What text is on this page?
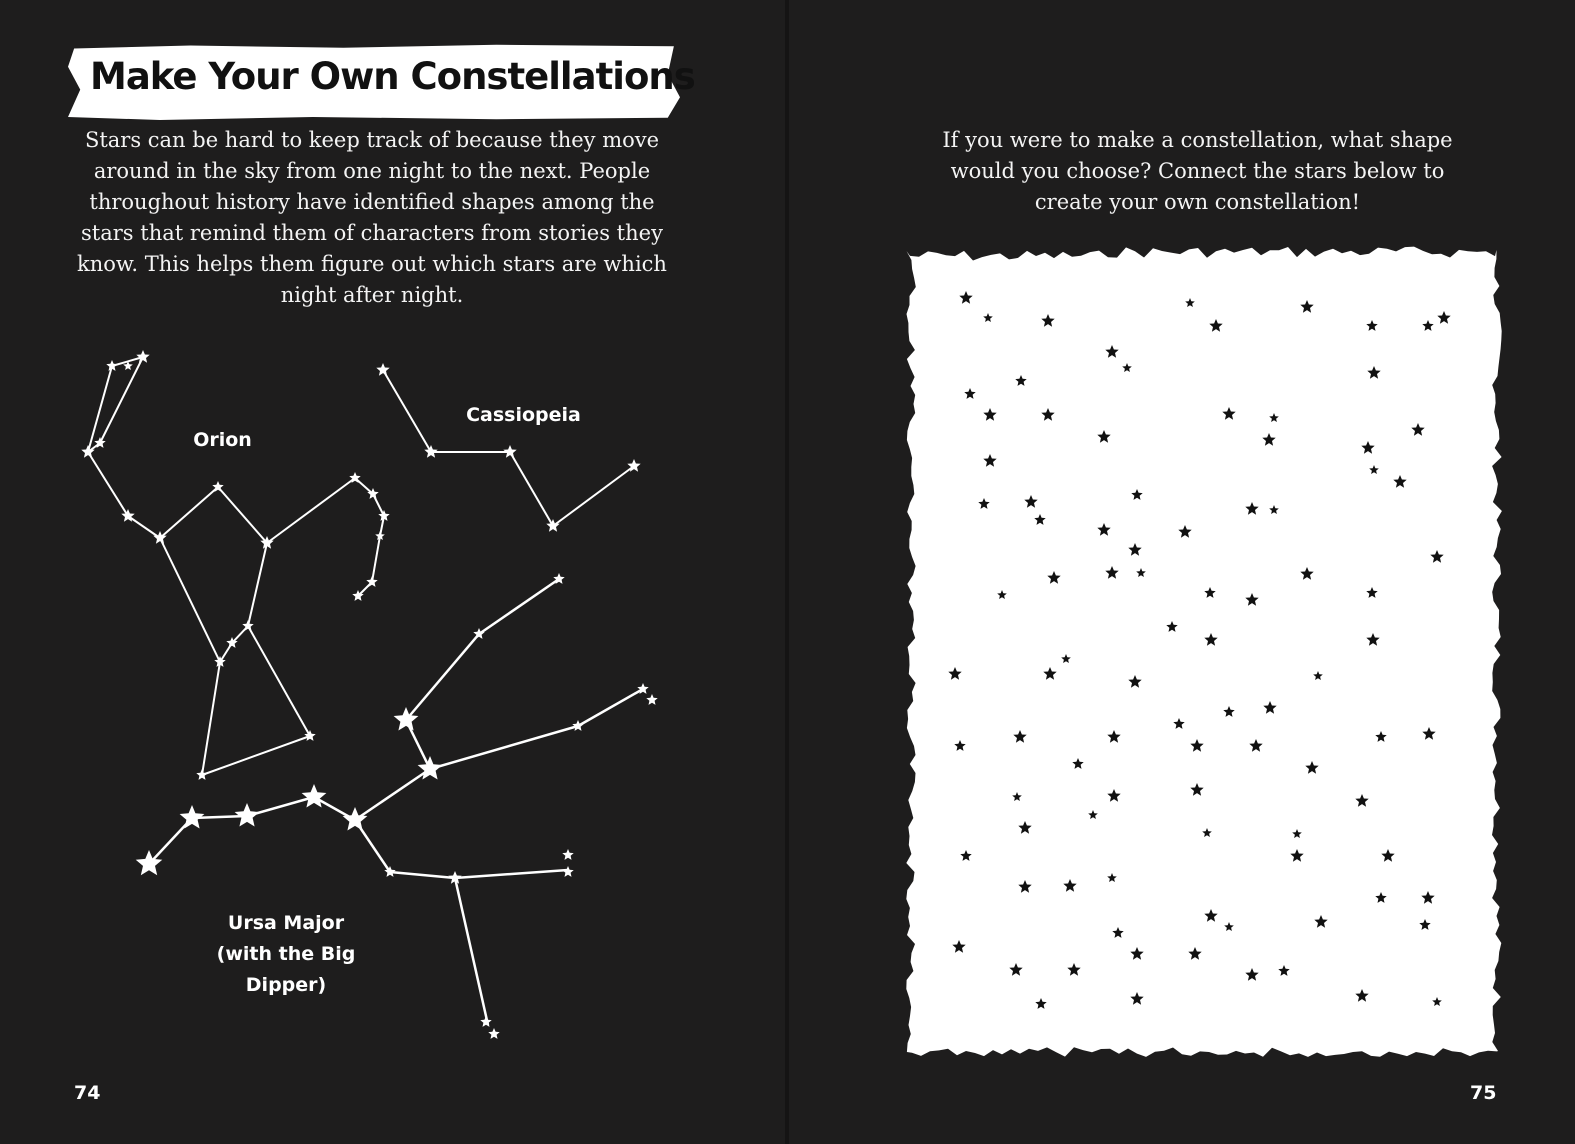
Make Your Own Constellations

Stars can be hard to keep track of because they move around in the sky from one night to the next. People throughout history have identified shapes among the stars that remind them of characters from stories they know. This helps them figure out which stars are which night after night.

If you were to make a constellation, what shape would you choose? Connect the stars below to create your own constellation!

Orion
Cassiopeia
Ursa Major
(with the Big Dipper)
74	75
